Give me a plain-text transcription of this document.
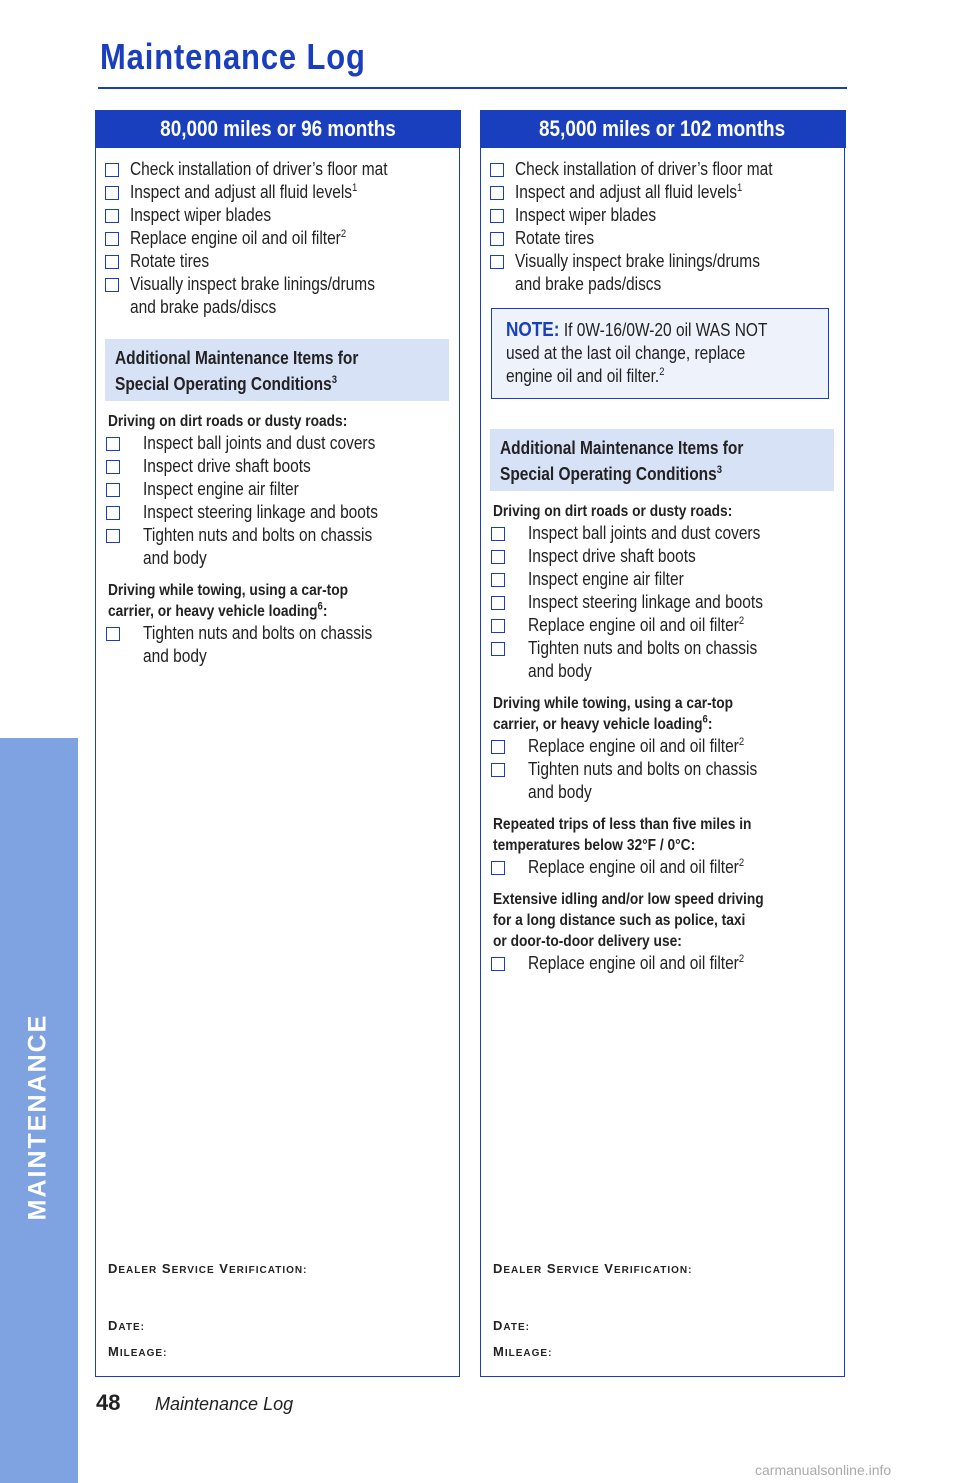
MAINTENANCE
Maintenance Log
80,000 miles or 96 months
Check installation of driver’s floor mat
Inspect and adjust all fluid levels$^1$
Inspect wiper blades
Replace engine oil and oil filter$^2$
Rotate tires
Visually inspect brake linings/drums
and brake pads/discs
Additional Maintenance Items for
Special Operating Conditions$^3$
Driving on dirt roads or dusty roads:
Inspect ball joints and dust covers
Inspect drive shaft boots
Inspect engine air filter
Inspect steering linkage and boots
Tighten nuts and bolts on chassis
and body
Driving while towing, using a car-top
carrier, or heavy vehicle loading$^6$:
Tighten nuts and bolts on chassis
and body
DEALER SERVICE VERIFICATION:
DATE:
MILEAGE:
85,000 miles or 102 months
Check installation of driver’s floor mat
Inspect and adjust all fluid levels$^1$
Inspect wiper blades
Rotate tires
Visually inspect brake linings/drums
and brake pads/discs
NOTE: If 0W-16/0W-20 oil WAS NOT
used at the last oil change, replace
engine oil and oil filter.$^2$
Additional Maintenance Items for
Special Operating Conditions$^3$
Driving on dirt roads or dusty roads:
Inspect ball joints and dust covers
Inspect drive shaft boots
Inspect engine air filter
Inspect steering linkage and boots
Replace engine oil and oil filter$^2$
Tighten nuts and bolts on chassis
and body
Driving while towing, using a car-top
carrier, or heavy vehicle loading$^6$:
Replace engine oil and oil filter$^2$
Tighten nuts and bolts on chassis
and body
Repeated trips of less than five miles in
temperatures below 32°F / 0°C:
Replace engine oil and oil filter$^2$
Extensive idling and/or low speed driving
for a long distance such as police, taxi
or door-to-door delivery use:
Replace engine oil and oil filter$^2$
DEALER SERVICE VERIFICATION:
DATE:
MILEAGE:
48 Maintenance Log
carmanualsonline.info
